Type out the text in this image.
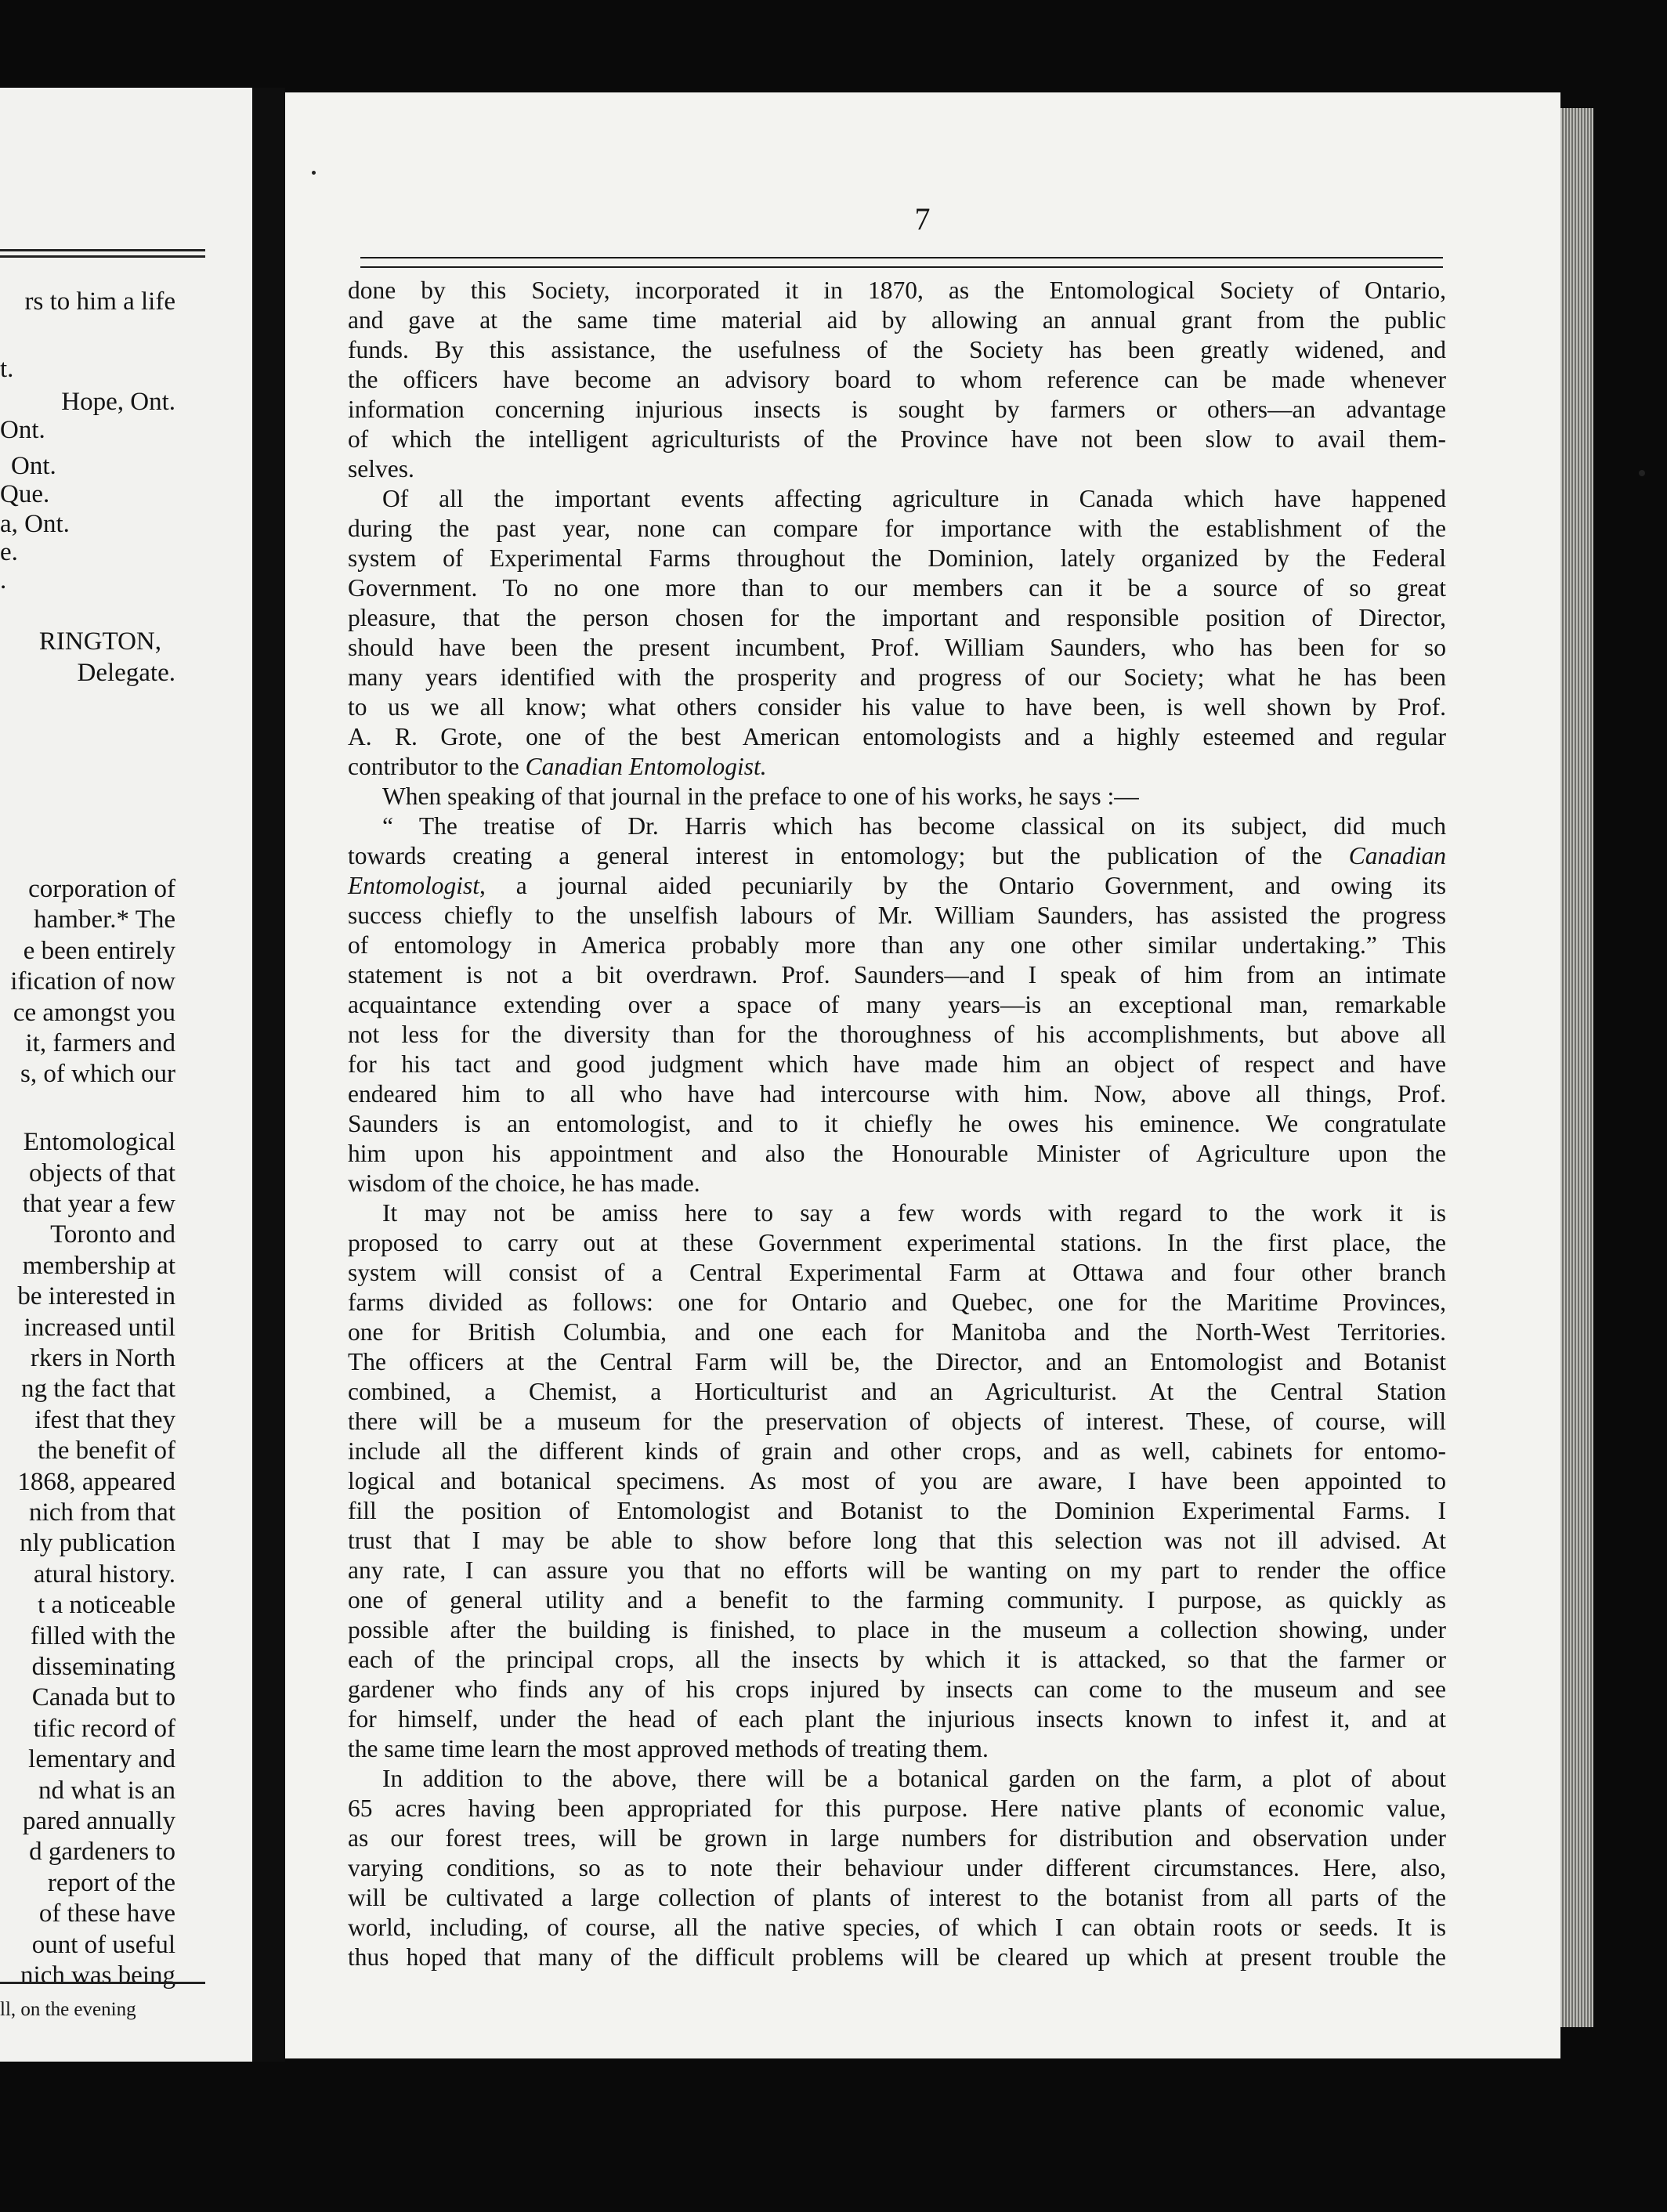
rs to him a life
t.
Hope, Ont.
Ont.
Ont.
Que.
a, Ont.
e.
.
RINGTON,
Delegate.
corporation of
hamber.* The
e been entirely
ification of now
ce amongst you
it, farmers and
s, of which our
Entomological
objects of that
that year a few
Toronto and
membership at
be interested in
increased until
rkers in North
ng the fact that
ifest that they
the benefit of
1868, appeared
nich from that
nly publication
atural history.
t a noticeable
filled with the
disseminating
Canada but to
tific record of
lementary and
nd what is an
pared annually
d gardeners to
report of the
of these have
ount of useful
nich was being
ll, on the evening
7
done by this Society, incorporated it in 1870, as the Entomological Society of Ontario,
and gave at the same time material aid by allowing an annual grant from the public
funds. By this assistance, the usefulness of the Society has been greatly widened, and
the officers have become an advisory board to whom reference can be made whenever
information concerning injurious insects is sought by farmers or others—an advantage
of which the intelligent agriculturists of the Province have not been slow to avail them-
selves.
Of all the important events affecting agriculture in Canada which have happened
during the past year, none can compare for importance with the establishment of the
system of Experimental Farms throughout the Dominion, lately organized by the Federal
Government. To no one more than to our members can it be a source of so great
pleasure, that the person chosen for the important and responsible position of Director,
should have been the present incumbent, Prof. William Saunders, who has been for so
many years identified with the prosperity and progress of our Society; what he has been
to us we all know; what others consider his value to have been, is well shown by Prof.
A. R. Grote, one of the best American entomologists and a highly esteemed and regular
contributor to the Canadian Entomologist.
When speaking of that journal in the preface to one of his works, he says :—
“ The treatise of Dr. Harris which has become classical on its subject, did much
towards creating a general interest in entomology; but the publication of the Canadian
Entomologist, a journal aided pecuniarily by the Ontario Government, and owing its
success chiefly to the unselfish labours of Mr. William Saunders, has assisted the progress
of entomology in America probably more than any one other similar undertaking.” This
statement is not a bit overdrawn. Prof. Saunders—and I speak of him from an intimate
acquaintance extending over a space of many years—is an exceptional man, remarkable
not less for the diversity than for the thoroughness of his accomplishments, but above all
for his tact and good judgment which have made him an object of respect and have
endeared him to all who have had intercourse with him. Now, above all things, Prof.
Saunders is an entomologist, and to it chiefly he owes his eminence. We congratulate
him upon his appointment and also the Honourable Minister of Agriculture upon the
wisdom of the choice, he has made.
It may not be amiss here to say a few words with regard to the work it is
proposed to carry out at these Government experimental stations. In the first place, the
system will consist of a Central Experimental Farm at Ottawa and four other branch
farms divided as follows: one for Ontario and Quebec, one for the Maritime Provinces,
one for British Columbia, and one each for Manitoba and the North-West Territories.
The officers at the Central Farm will be, the Director, and an Entomologist and Botanist
combined, a Chemist, a Horticulturist and an Agriculturist. At the Central Station
there will be a museum for the preservation of objects of interest. These, of course, will
include all the different kinds of grain and other crops, and as well, cabinets for entomo-
logical and botanical specimens. As most of you are aware, I have been appointed to
fill the position of Entomologist and Botanist to the Dominion Experimental Farms. I
trust that I may be able to show before long that this selection was not ill advised. At
any rate, I can assure you that no efforts will be wanting on my part to render the office
one of general utility and a benefit to the farming community. I purpose, as quickly as
possible after the building is finished, to place in the museum a collection showing, under
each of the principal crops, all the insects by which it is attacked, so that the farmer or
gardener who finds any of his crops injured by insects can come to the museum and see
for himself, under the head of each plant the injurious insects known to infest it, and at
the same time learn the most approved methods of treating them.
In addition to the above, there will be a botanical garden on the farm, a plot of about
65 acres having been appropriated for this purpose. Here native plants of economic value,
as our forest trees, will be grown in large numbers for distribution and observation under
varying conditions, so as to note their behaviour under different circumstances. Here, also,
will be cultivated a large collection of plants of interest to the botanist from all parts of the
world, including, of course, all the native species, of which I can obtain roots or seeds. It is
thus hoped that many of the difficult problems will be cleared up which at present trouble the
